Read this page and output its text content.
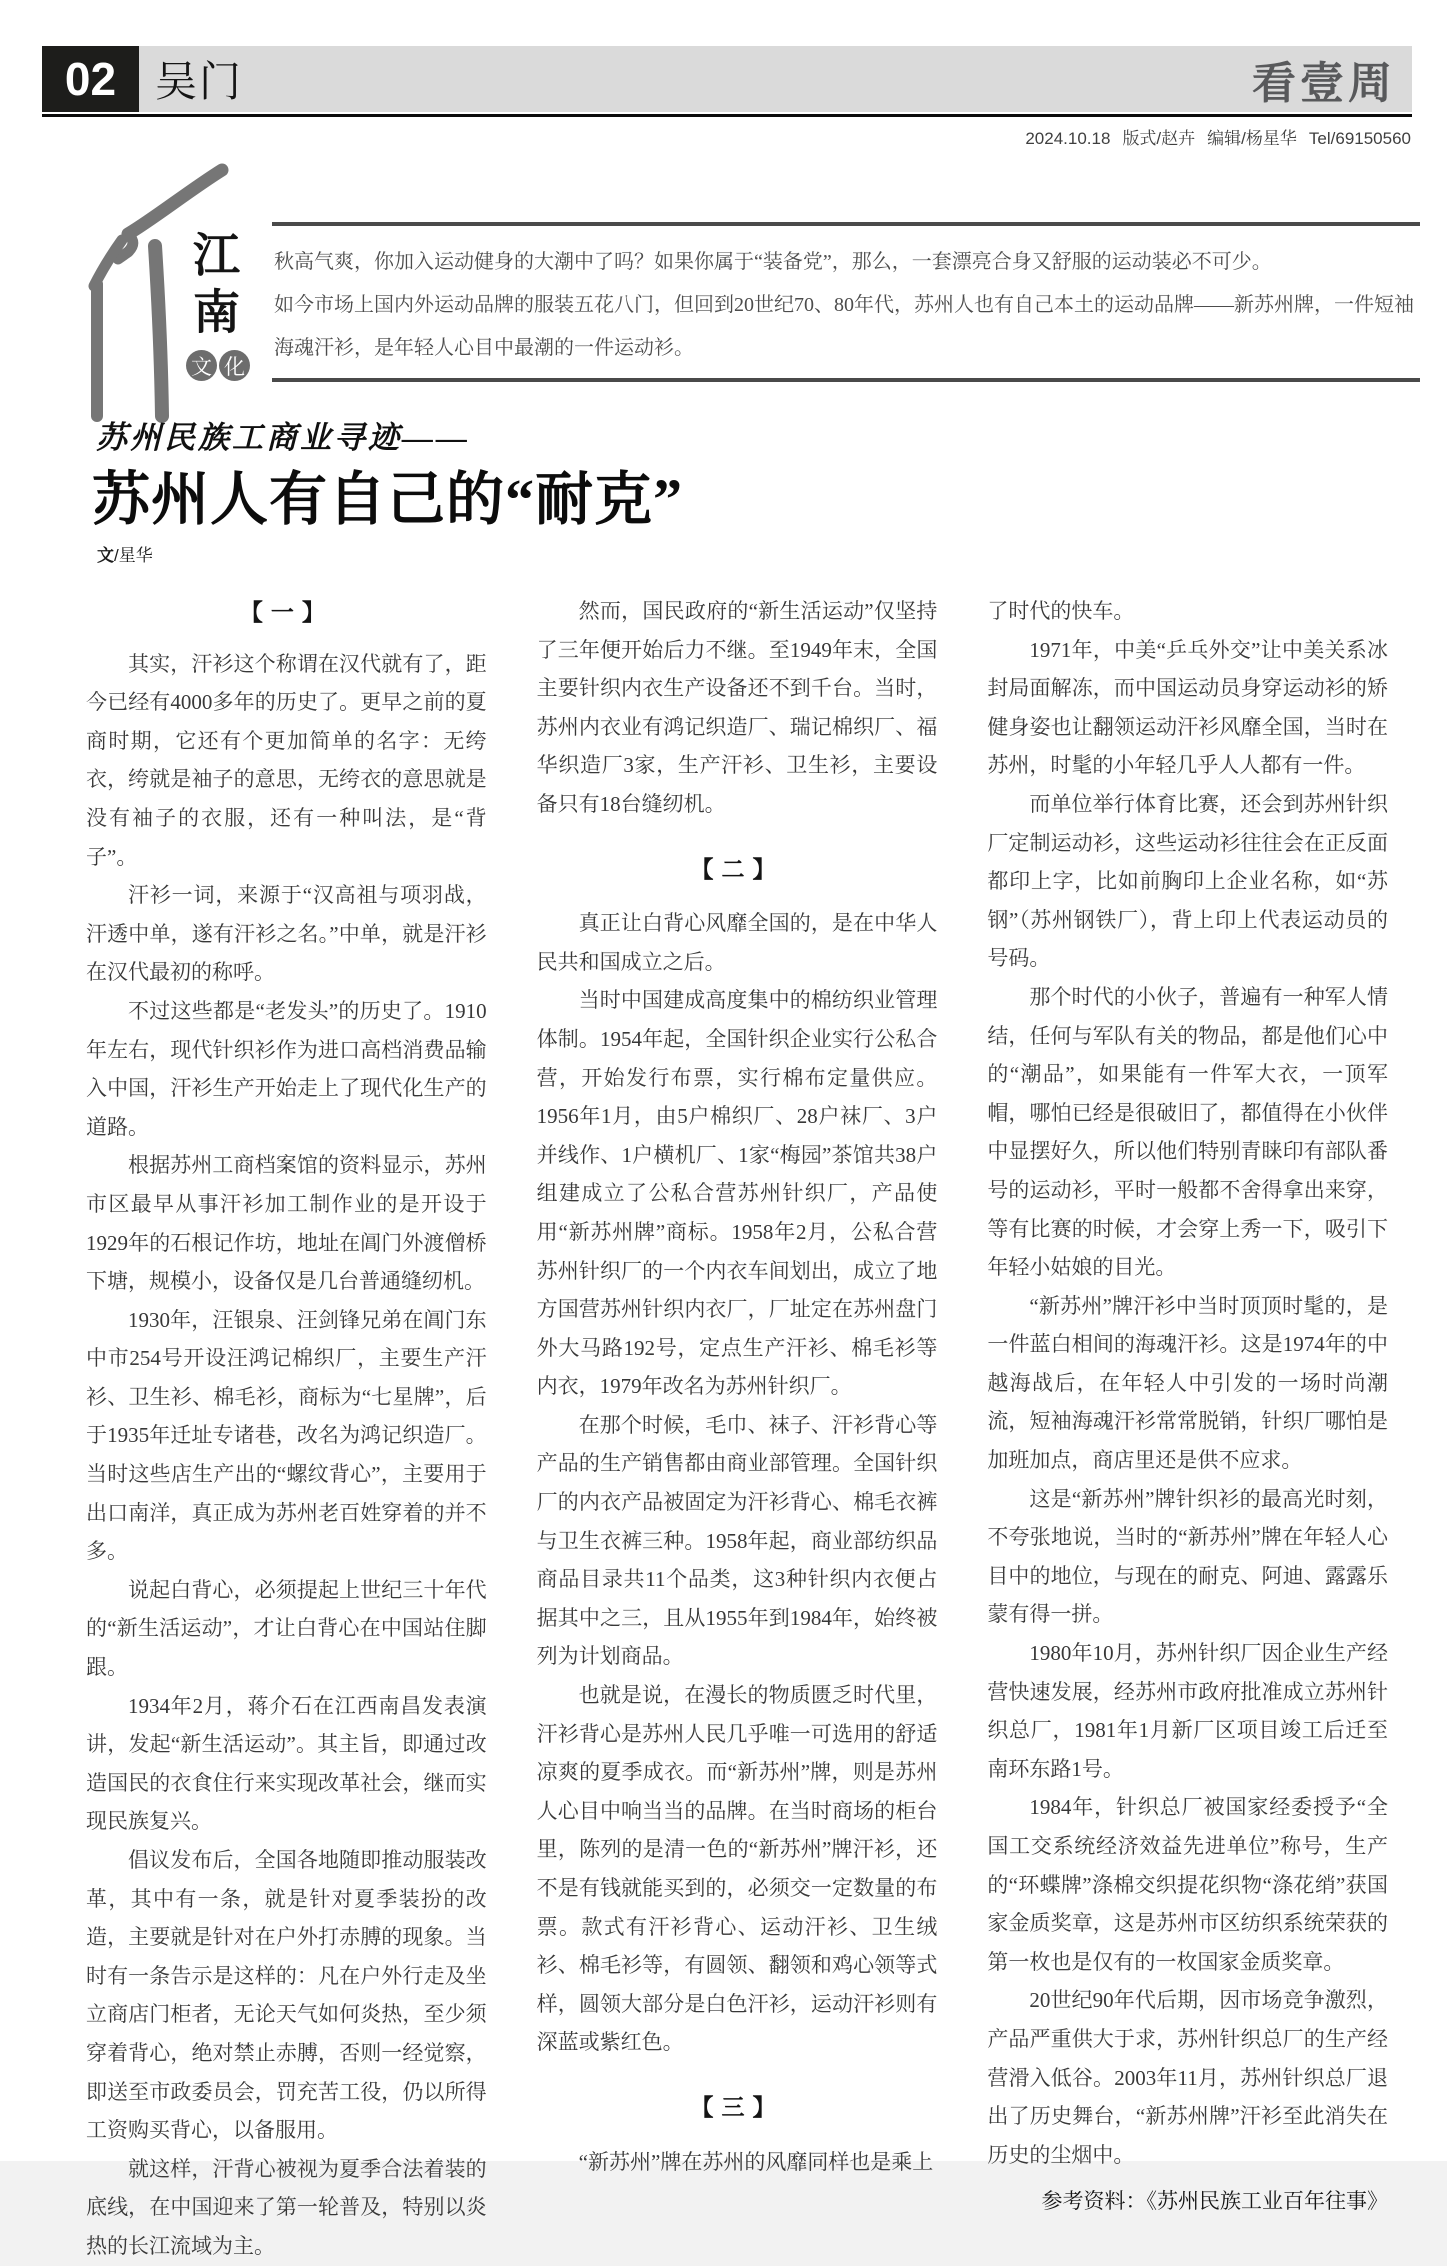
02 吴门	看壹周
2024.10.18 版式/赵卉 编辑/杨星华 Tel/69150560
江南
文 化

秋高气爽，你加入运动健身的大潮中了吗？如果你属于“装备党”，那么，一套漂亮合身又舒服的运动装必不可少。

如今市场上国内外运动品牌的服装五花八门，但回到20世纪70、80年代，苏州人也有自己本土的运动品牌——新苏州牌，一件短袖海魂汗衫，是年轻人心目中最潮的一件运动衫。

苏州民族工商业寻迹——
苏州人有自己的“耐克”
文/星华
【一】

其实，汗衫这个称谓在汉代就有了，距今已经有4000多年的历史了。更早之前的夏商时期，它还有个更加简单的名字：无绔衣，绔就是袖子的意思，无绔衣的意思就是没有袖子的衣服，还有一种叫法，是“背子”。

汗衫一词，来源于“汉高祖与项羽战，汗透中单，遂有汗衫之名。”中单，就是汗衫在汉代最初的称呼。

不过这些都是“老发头”的历史了。1910年左右，现代针织衫作为进口高档消费品输入中国，汗衫生产开始走上了现代化生产的道路。

根据苏州工商档案馆的资料显示，苏州市区最早从事汗衫加工制作业的是开设于1929年的石根记作坊，地址在阊门外渡僧桥下塘，规模小，设备仅是几台普通缝纫机。

1930年，汪银泉、汪剑锋兄弟在阊门东中市254号开设汪鸿记棉织厂，主要生产汗衫、卫生衫、棉毛衫，商标为“七星牌”，后于1935年迁址专诸巷，改名为鸿记织造厂。当时这些店生产出的“螺纹背心”，主要用于出口南洋，真正成为苏州老百姓穿着的并不多。

说起白背心，必须提起上世纪三十年代的“新生活运动”，才让白背心在中国站住脚跟。

1934年2月，蒋介石在江西南昌发表演讲，发起“新生活运动”。其主旨，即通过改造国民的衣食住行来实现改革社会，继而实现民族复兴。

倡议发布后，全国各地随即推动服装改革，其中有一条，就是针对夏季装扮的改造，主要就是针对在户外打赤膊的现象。当时有一条告示是这样的：凡在户外行走及坐立商店门柜者，无论天气如何炎热，至少须穿着背心，绝对禁止赤膊，否则一经觉察，即送至市政委员会，罚充苦工役，仍以所得工资购买背心，以备服用。

就这样，汗背心被视为夏季合法着装的底线，在中国迎来了第一轮普及，特别以炎热的长江流域为主。

然而，国民政府的“新生活运动”仅坚持了三年便开始后力不继。至1949年末，全国主要针织内衣生产设备还不到千台。当时，苏州内衣业有鸿记织造厂、瑞记棉织厂、福华织造厂3家，生产汗衫、卫生衫，主要设备只有18台缝纫机。

【二】

真正让白背心风靡全国的，是在中华人民共和国成立之后。

当时中国建成高度集中的棉纺织业管理体制。1954年起，全国针织企业实行公私合营，开始发行布票，实行棉布定量供应。1956年1月，由5户棉织厂、28户袜厂、3户并线作、1户横机厂、1家“梅园”茶馆共38户组建成立了公私合营苏州针织厂，产品使用“新苏州牌”商标。1958年2月，公私合营苏州针织厂的一个内衣车间划出，成立了地方国营苏州针织内衣厂，厂址定在苏州盘门外大马路192号，定点生产汗衫、棉毛衫等内衣，1979年改名为苏州针织厂。

在那个时候，毛巾、袜子、汗衫背心等产品的生产销售都由商业部管理。全国针织厂的内衣产品被固定为汗衫背心、棉毛衣裤与卫生衣裤三种。1958年起，商业部纺织品商品目录共11个品类，这3种针织内衣便占据其中之三，且从1955年到1984年，始终被列为计划商品。

也就是说，在漫长的物质匮乏时代里，汗衫背心是苏州人民几乎唯一可选用的舒适凉爽的夏季成衣。而“新苏州”牌，则是苏州人心目中响当当的品牌。在当时商场的柜台里，陈列的是清一色的“新苏州”牌汗衫，还不是有钱就能买到的，必须交一定数量的布票。款式有汗衫背心、运动汗衫、卫生绒衫、棉毛衫等，有圆领、翻领和鸡心领等式样，圆领大部分是白色汗衫，运动汗衫则有深蓝或紫红色。

【三】

“新苏州”牌在苏州的风靡同样也是乘上

了时代的快车。

1971年，中美“乒乓外交”让中美关系冰封局面解冻，而中国运动员身穿运动衫的矫健身姿也让翻领运动汗衫风靡全国，当时在苏州，时髦的小年轻几乎人人都有一件。

而单位举行体育比赛，还会到苏州针织厂定制运动衫，这些运动衫往往会在正反面都印上字，比如前胸印上企业名称，如“苏钢”（苏州钢铁厂），背上印上代表运动员的号码。

那个时代的小伙子，普遍有一种军人情结，任何与军队有关的物品，都是他们心中的“潮品”，如果能有一件军大衣，一顶军帽，哪怕已经是很破旧了，都值得在小伙伴中显摆好久，所以他们特别青睐印有部队番号的运动衫，平时一般都不舍得拿出来穿，等有比赛的时候，才会穿上秀一下，吸引下年轻小姑娘的目光。

“新苏州”牌汗衫中当时顶顶时髦的，是一件蓝白相间的海魂汗衫。这是1974年的中越海战后，在年轻人中引发的一场时尚潮流，短袖海魂汗衫常常脱销，针织厂哪怕是加班加点，商店里还是供不应求。

这是“新苏州”牌针织衫的最高光时刻，不夸张地说，当时的“新苏州”牌在年轻人心目中的地位，与现在的耐克、阿迪、露露乐蒙有得一拼。

1980年10月，苏州针织厂因企业生产经营快速发展，经苏州市政府批准成立苏州针织总厂，1981年1月新厂区项目竣工后迁至南环东路1号。

1984年，针织总厂被国家经委授予“全国工交系统经济效益先进单位”称号，生产的“环蝶牌”涤棉交织提花织物“涤花绡”获国家金质奖章，这是苏州市区纺织系统荣获的第一枚也是仅有的一枚国家金质奖章。

20世纪90年代后期，因市场竞争激烈，产品严重供大于求，苏州针织总厂的生产经营滑入低谷。2003年11月，苏州针织总厂退出了历史舞台，“新苏州牌”汗衫至此消失在历史的尘烟中。

参考资料：《苏州民族工业百年往事》
